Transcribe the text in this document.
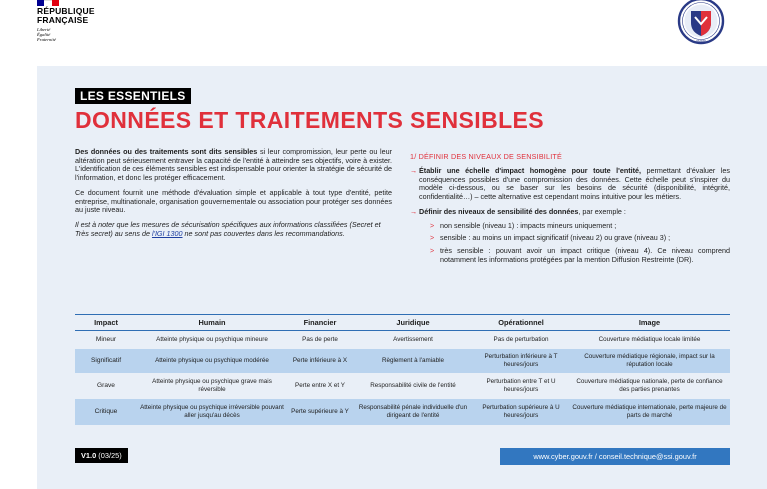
RÉPUBLIQUE
FRANÇAISE
Liberté
Égalité
Fraternité	ANSSI
LES ESSENTIELS
DONNÉES ET TRAITEMENTS SENSIBLES

Des données ou des traitements sont dits sensibles si leur compromission, leur perte ou leur altération peut sérieusement entraver la capacité de l'entité à atteindre ses objectifs, voire à exister. L'identification de ces éléments sensibles est indispensable pour orienter la stratégie de sécurité de l'information, et donc les protéger efficacement.

Ce document fournit une méthode d'évaluation simple et applicable à tout type d'entité, petite entreprise, multinationale, organisation gouvernementale ou association pour protéger ses données au juste niveau.

Il est à noter que les mesures de sécurisation spécifiques aux informations classifiées (Secret et Très secret) au sens de l'IGI 1300 ne sont pas couvertes dans les recommandations.

1/ DÉFINIR DES NIVEAUX DE SENSIBILITÉ
→ Établir une échelle d'impact homogène pour toute l'entité, permettant d'évaluer les conséquences possibles d'une compromission des données. Cette échelle peut s'inspirer du modèle ci-dessous, ou se baser sur les besoins de sécurité (disponibilité, intégrité, confidentialité…) – cette alternative est cependant moins intuitive pour les métiers.
→ Définir des niveaux de sensibilité des données, par exemple :
> non sensible (niveau 1) : impacts mineurs uniquement ;
> sensible : au moins un impact significatif (niveau 2) ou grave (niveau 3) ;
> très sensible : pouvant avoir un impact critique (niveau 4). Ce niveau comprend notamment les informations protégées par la mention Diffusion Restreinte (DR).
Impact	Humain	Financier	Juridique	Opérationnel	Image
Mineur	Atteinte physique ou psychique mineure	Pas de perte	Avertissement	Pas de perturbation	Couverture médiatique locale limitée
Significatif	Atteinte physique ou psychique modérée	Perte inférieure à X	Règlement à l'amiable	Perturbation inférieure à T heures/jours	Couverture médiatique régionale, impact sur la réputation locale
Grave	Atteinte physique ou psychique grave mais réversible	Perte entre X et Y	Responsabilité civile de l'entité	Perturbation entre T et U heures/jours	Couverture médiatique nationale, perte de confiance des parties prenantes
Critique	Atteinte physique ou psychique irréversible pouvant aller jusqu'au décès	Perte supérieure à Y	Responsabilité pénale individuelle d'un dirigeant de l'entité	Perturbation supérieure à U heures/jours	Couverture médiatique internationale, perte majeure de parts de marché
V1.0 (03/25)	www.cyber.gouv.fr / conseil.technique@ssi.gouv.fr
